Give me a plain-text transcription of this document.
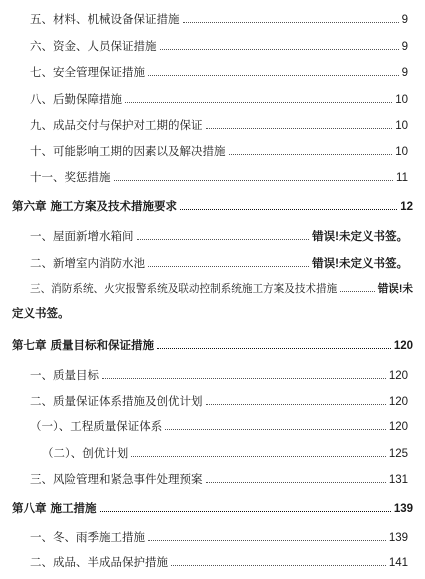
五、材料、机械设备保证措施	9
六、资金、人员保证措施	9
七、安全管理保证措施	9
八、后勤保障措施	10
九、成品交付与保护对工期的保证	10
十、可能影响工期的因素以及解决措施	10
十一、奖惩措施	11
第六章 施工方案及技术措施要求	12
一、屋面新增水箱间	错误!未定义书签。
二、新增室内消防水池	错误!未定义书签。
三、消防系统、火灾报警系统及联动控制系统施工方案及技术措施	错误!未
定义书签。
第七章 质量目标和保证措施	120
一、质量目标	120
二、质量保证体系措施及创优计划	120
（一）、工程质量保证体系	120
（二）、创优计划	125
三、风险管理和紧急事件处理预案	131
第八章 施工措施	139
一、冬、雨季施工措施	139
二、成品、半成品保护措施	141
